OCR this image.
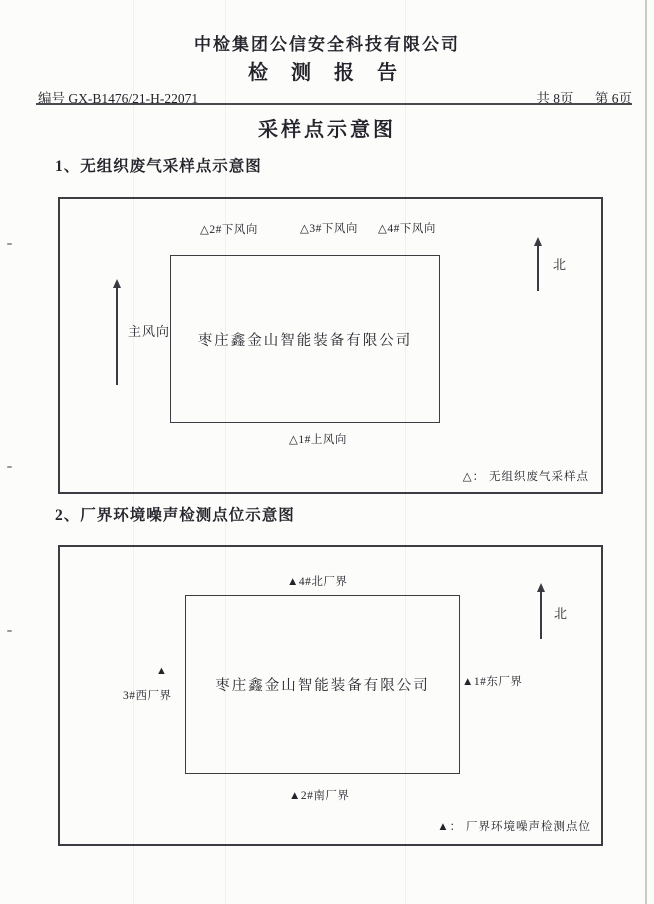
中检集团公信安全科技有限公司
检 测 报 告
编号 GX-B1476/21-H-22071	共 8页 第 6页
采样点示意图
1、无组织废气采样点示意图
△2#下风向	△3#下风向 △4#下风向
枣庄鑫金山智能装备有限公司
主风向
北
△1#上风向
△： 无组织废气采样点
2、厂界环境噪声检测点位示意图
▲4#北厂界
枣庄鑫金山智能装备有限公司
▲
3#西厂界
▲1#东厂界
北
▲2#南厂界
▲： 厂界环境噪声检测点位
